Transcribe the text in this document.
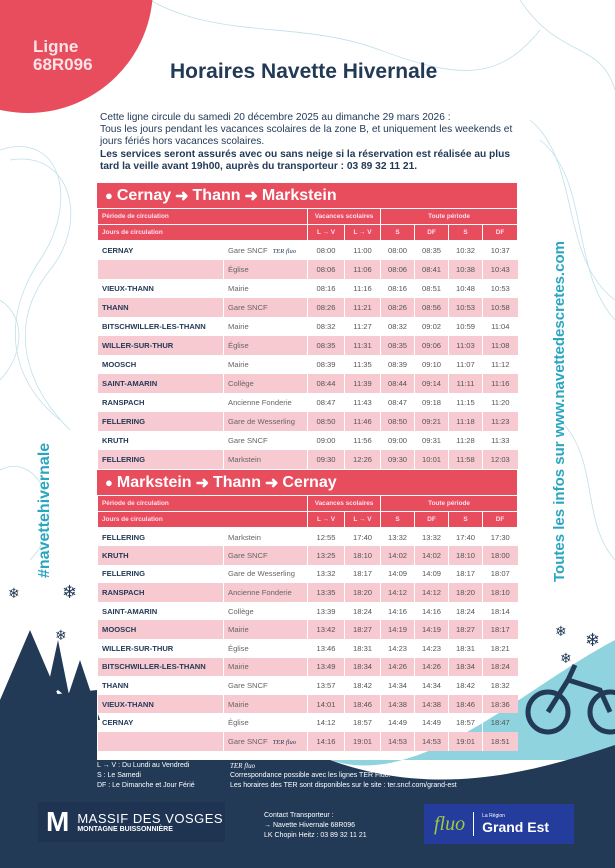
❄ ❄
❄	❄ ❄
❄
Ligne
68R096	Horaires Navette Hivernale
Cette ligne circule du samedi 20 décembre 2025 au dimanche 29 mars 2026 :
Tous les jours pendant les vacances scolaires de la zone B, et uniquement les weekends et jours fériés hors vacances scolaires.
Les services seront assurés avec ou sans neige si la réservation est réalisée au plus tard la veille avant 19h00, auprès du transporteur : 03 89 32 11 21.
#navettehivernale	Toutes les infos sur www.navettedescretes.com
● Cernay ➜ Thann ➜ Markstein
Période de circulation		Vacances scolaires		Toute période			
Jours de circulation		L → V	L → V	S	DF	S	DF
CERNAY	Gare SNCF TER fluo	08:00	11:00	08:00	08:35	10:32	10:37
	Église	08:06	11:06	08:06	08:41	10:38	10:43
VIEUX-THANN	Mairie	08:16	11:16	08:16	08:51	10:48	10:53
THANN	Gare SNCF	08:26	11:21	08:26	08:56	10:53	10:58
BITSCHWILLER-LES-THANN	Mairie	08:32	11:27	08:32	09:02	10:59	11:04
WILLER-SUR-THUR	Église	08:35	11:31	08:35	09:06	11:03	11:08
MOOSCH	Mairie	08:39	11:35	08:39	09:10	11:07	11:12
SAINT-AMARIN	Collège	08:44	11:39	08:44	09:14	11:11	11:16
RANSPACH	Ancienne Fonderie	08:47	11:43	08:47	09:18	11:15	11:20
FELLERING	Gare de Wesserling	08:50	11:46	08:50	09:21	11:18	11:23
KRUTH	Gare SNCF	09:00	11:56	09:00	09:31	11:28	11:33
FELLERING	Markstein	09:30	12:26	09:30	10:01	11:58	12:03
● Markstein ➜ Thann ➜ Cernay
Période de circulation		Vacances scolaires		Toute période			
Jours de circulation		L → V	L → V	S	DF	S	DF
FELLERING	Markstein	12:55	17:40	13:32	13:32	17:40	17:30
KRUTH	Gare SNCF	13:25	18:10	14:02	14:02	18:10	18:00
FELLERING	Gare de Wesserling	13:32	18:17	14:09	14:09	18:17	18:07
RANSPACH	Ancienne Fonderie	13:35	18:20	14:12	14:12	18:20	18:10
SAINT-AMARIN	Collège	13:39	18:24	14:16	14:16	18:24	18:14
MOOSCH	Mairie	13:42	18:27	14:19	14:19	18:27	18:17
WILLER-SUR-THUR	Église	13:46	18:31	14:23	14:23	18:31	18:21
BITSCHWILLER-LES-THANN	Mairie	13:49	18:34	14:26	14:26	18:34	18:24
THANN	Gare SNCF	13:57	18:42	14:34	14:34	18:42	18:32
VIEUX-THANN	Mairie	14:01	18:46	14:38	14:38	18:46	18:36
CERNAY	Église	14:12	18:57	14:49	14:49	18:57	18:47
	Gare SNCF TER fluo	14:16	19:01	14:53	14:53	19:01	18:51
L → V : Du Lundi au Vendredi
S : Le Samedi
DF : Le Dimanche et Jour Férié
TER fluo
Correspondance possible avec les lignes TER Fluo.
Les horaires des TER sont disponibles sur le site : ter.sncf.com/grand-est
M MASSIF DES VOSGES
MONTAGNE BUISSONNIÈRE
Contact Transporteur :
→ Navette Hivernale 68R096
LK Chopin Heitz : 03 89 32 11 21
fluo	La Région
Grand Est
